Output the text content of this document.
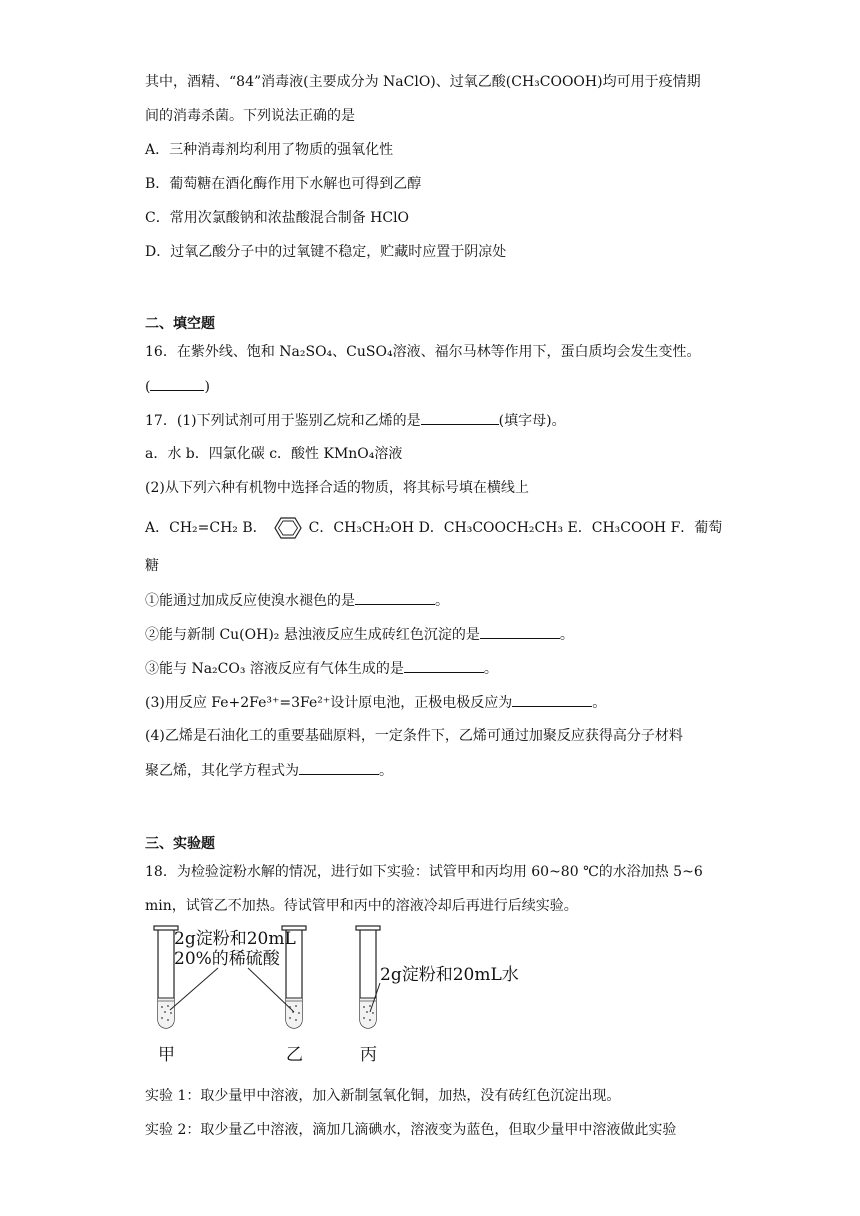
其中，酒精、“84”消毒液(主要成分为 NaClO)、过氧乙酸(CH₃COOOH)均可用于疫情期
间的消毒杀菌。下列说法正确的是
A．三种消毒剂均利用了物质的强氧化性
B．葡萄糖在酒化酶作用下水解也可得到乙醇
C．常用次氯酸钠和浓盐酸混合制备 HClO
D．过氧乙酸分子中的过氧键不稳定，贮藏时应置于阴凉处
二、填空题
16．在紫外线、饱和 Na₂SO₄、CuSO₄溶液、福尔马林等作用下，蛋白质均会发生变性。
(	)
17．(1)下列试剂可用于鉴别乙烷和乙烯的是	(填字母)。
a．水 b．四氯化碳 c．酸性 KMnO₄溶液
(2)从下列六种有机物中选择合适的物质，将其标号填在横线上
A．CH₂=CH₂ B．	C．CH₃CH₂OH D．CH₃COOCH₂CH₃ E．CH₃COOH F．葡萄
糖
①能通过加成反应使溴水褪色的是	。
②能与新制 Cu(OH)₂ 悬浊液反应生成砖红色沉淀的是	。
③能与 Na₂CO₃ 溶液反应有气体生成的是	。
(3)用反应 Fe+2Fe³⁺=3Fe²⁺设计原电池，正极电极反应为	。
(4)乙烯是石油化工的重要基础原料，一定条件下，乙烯可通过加聚反应获得高分子材料
聚乙烯，其化学方程式为	。
三、实验题
18．为检验淀粉水解的情况，进行如下实验：试管甲和丙均用 60~80 ℃的水浴加热 5~6
min，试管乙不加热。待试管甲和丙中的溶液冷却后再进行后续实验。
2g淀粉和20mL
20%的稀硫酸
2g淀粉和20mL水
甲	乙	丙
实验 1：取少量甲中溶液，加入新制氢氧化铜，加热，没有砖红色沉淀出现。
实验 2：取少量乙中溶液，滴加几滴碘水，溶液变为蓝色，但取少量甲中溶液做此实验
